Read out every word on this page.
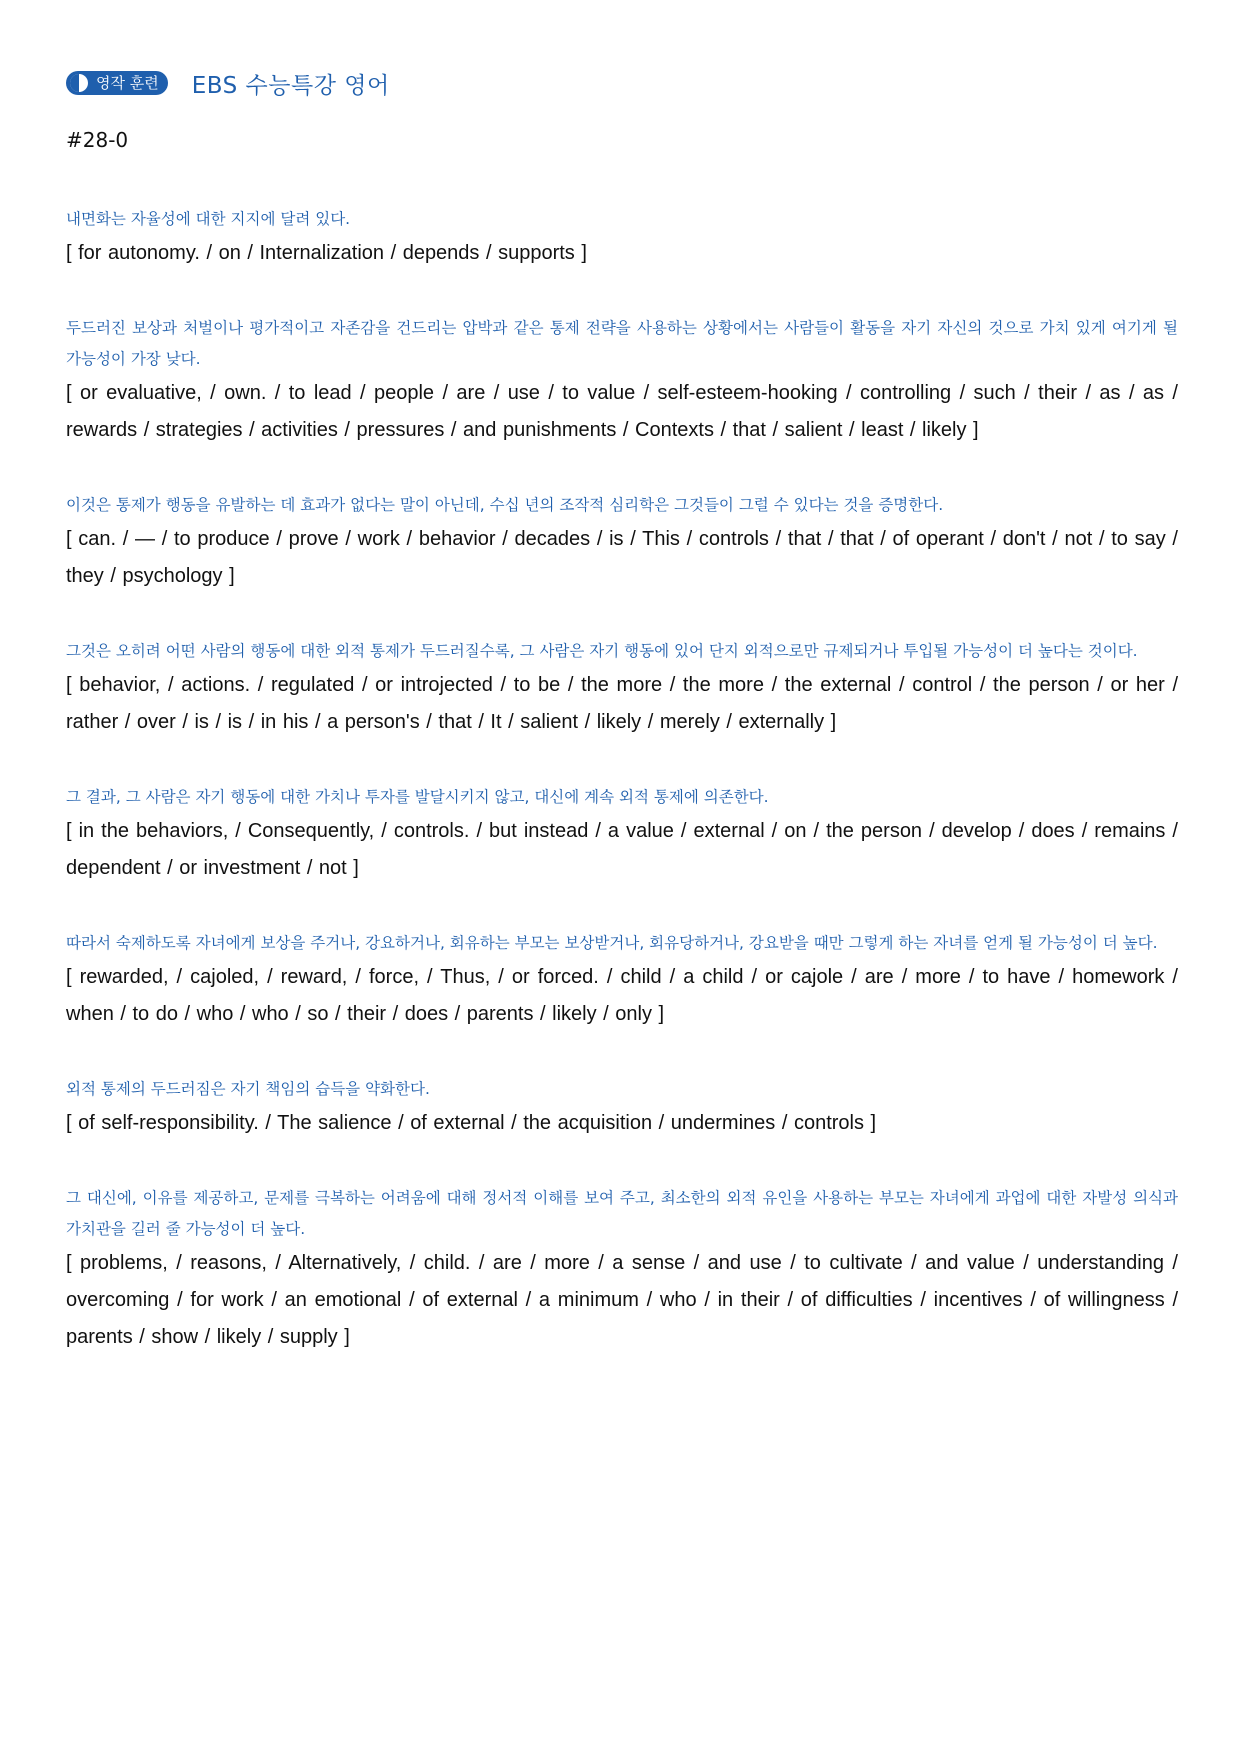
영작 훈련 EBS 수능특강 영어
#28-0
내면화는 자율성에 대한 지지에 달려 있다.
[ for autonomy. / on / Internalization / depends / supports ]
두드러진 보상과 처벌이나 평가적이고 자존감을 건드리는 압박과 같은 통제 전략을 사용하는 상황에서는 사람들이 활동을 자기 자신의 것으로 가치 있게 여기게 될 가능성이 가장 낮다.
[ or evaluative, / own. / to lead / people / are / use / to value / self-esteem-hooking / controlling / such / their / as / as / rewards / strategies / activities / pressures / and punishments / Contexts / that / salient / least / likely ]
이것은 통제가 행동을 유발하는 데 효과가 없다는 말이 아닌데, 수십 년의 조작적 심리학은 그것들이 그럴 수 있다는 것을 증명한다.
[ can. / — / to produce / prove / work / behavior / decades / is / This / controls / that / that / of operant / don't / not / to say / they / psychology ]
그것은 오히려 어떤 사람의 행동에 대한 외적 통제가 두드러질수록, 그 사람은 자기 행동에 있어 단지 외적으로만 규제되거나 투입될 가능성이 더 높다는 것이다.
[ behavior, / actions. / regulated / or introjected / to be / the more / the more / the external / control / the person / or her / rather / over / is / is / in his / a person's / that / It / salient / likely / merely / externally ]
그 결과, 그 사람은 자기 행동에 대한 가치나 투자를 발달시키지 않고, 대신에 계속 외적 통제에 의존한다.
[ in the behaviors, / Consequently, / controls. / but instead / a value / external / on / the person / develop / does / remains / dependent / or investment / not ]
따라서 숙제하도록 자녀에게 보상을 주거나, 강요하거나, 회유하는 부모는 보상받거나, 회유당하거나, 강요받을 때만 그렇게 하는 자녀를 얻게 될 가능성이 더 높다.
[ rewarded, / cajoled, / reward, / force, / Thus, / or forced. / child / a child / or cajole / are / more / to have / homework / when / to do / who / who / so / their / does / parents / likely / only ]
외적 통제의 두드러짐은 자기 책임의 습득을 약화한다.
[ of self-responsibility. / The salience / of external / the acquisition / undermines / controls ]
그 대신에, 이유를 제공하고, 문제를 극복하는 어려움에 대해 정서적 이해를 보여 주고, 최소한의 외적 유인을 사용하는 부모는 자녀에게 과업에 대한 자발성 의식과 가치관을 길러 줄 가능성이 더 높다.
[ problems, / reasons, / Alternatively, / child. / are / more / a sense / and use / to cultivate / and value / understanding / overcoming / for work / an emotional / of external / a minimum / who / in their / of difficulties / incentives / of willingness / parents / show / likely / supply ]
